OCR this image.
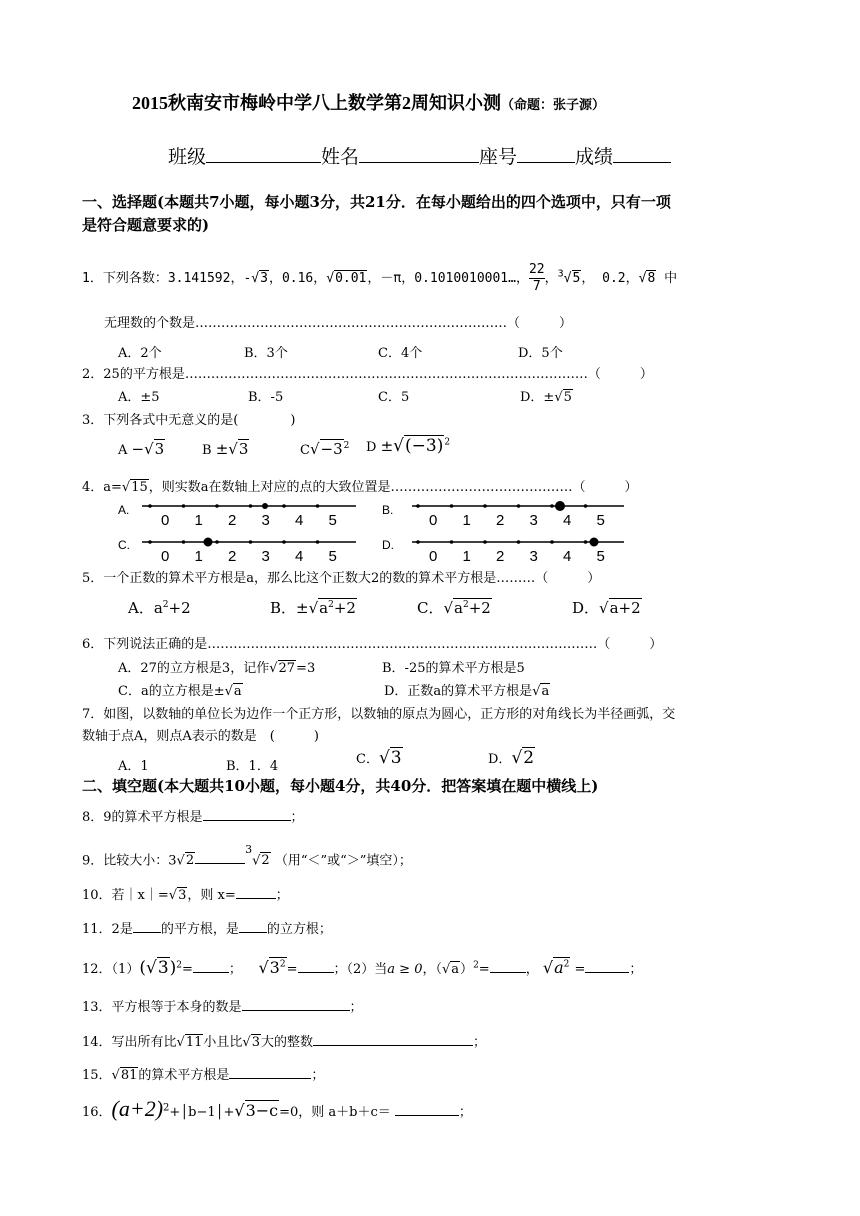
2015秋南安市梅岭中学八上数学第2周知识小测（命题：张子源）
班级	姓名	座号	成绩
一、选择题(本题共7小题，每小题3分，共21分．在每小题给出的四个选项中，只有一项
是符合题意要求的)
1．下列各数：3.141592，-√3，0.16，√0.01，－π，0.1010010001…， $\frac{22}{7}$ ，$^3$√5， 0.2，√8 中
无理数的个数是………………………………………………………………（　　　）
A．2个	B．3个	C．4个	D．5个
2．25的平方根是…………………………………………………………………………………（　　　）
A．±5	B．-5	C．5	D．±√5
3．下列各式中无意义的是(　　　　)
A −√3	B ±√3	$C√-3^2$ $D \pm√(-3)^2$
4．a=√15，则实数a在数轴上对应的点的大致位置是……………………………………（　　　）
A.	B.
C.	D.
0 1 2 3 4 5	0 1 2 3 4 5
0 1 2 3 4 5	0 1 2 3 4 5
5．一个正数的算术平方根是a，那么比这个正数大2的数的算术平方根是………（　　　）
A．$a^2+2$	B．$\pm√a^2+2$	C．$√a^2+2$	D．√a+2
6．下列说法正确的是………………………………………………………………………………（　　　）
A．27的立方根是3，记作√27=3	B．-25的算术平方根是5
C．a的立方根是±√a	D．正数a的算术平方根是√a
7．如图，以数轴的单位长为边作一个正方形，以数轴的原点为圆心，正方形的对角线长为半径画弧，交
数轴于点A，则点A表示的数是　(　　　)
A．1	B．1．4	C．√3	D．√2
二、填空题(本大题共10小题，每小题4分，共40分．把答案填在题中横线上)
8．9的算术平方根是	；
9．比较大小：$3√2^3√2$ （用“＜”或“＞”填空）；
10．若｜x｜=√3，则 x=	；
11．2是 的平方根，是 的立方根；
12．$(1)(√3)^2=$	； $√3^2=$	；（2）当a ≥ 0，$(√a)^2=$	， $√a^2$ =	；
13．平方根等于本身的数是	；
14．写出所有比√11小且比√3大的整数	；
15．√81的算术平方根是	；
16．$(a+2)^2+│b-1│+√3-c=0$，则 a＋b＋c＝	；
